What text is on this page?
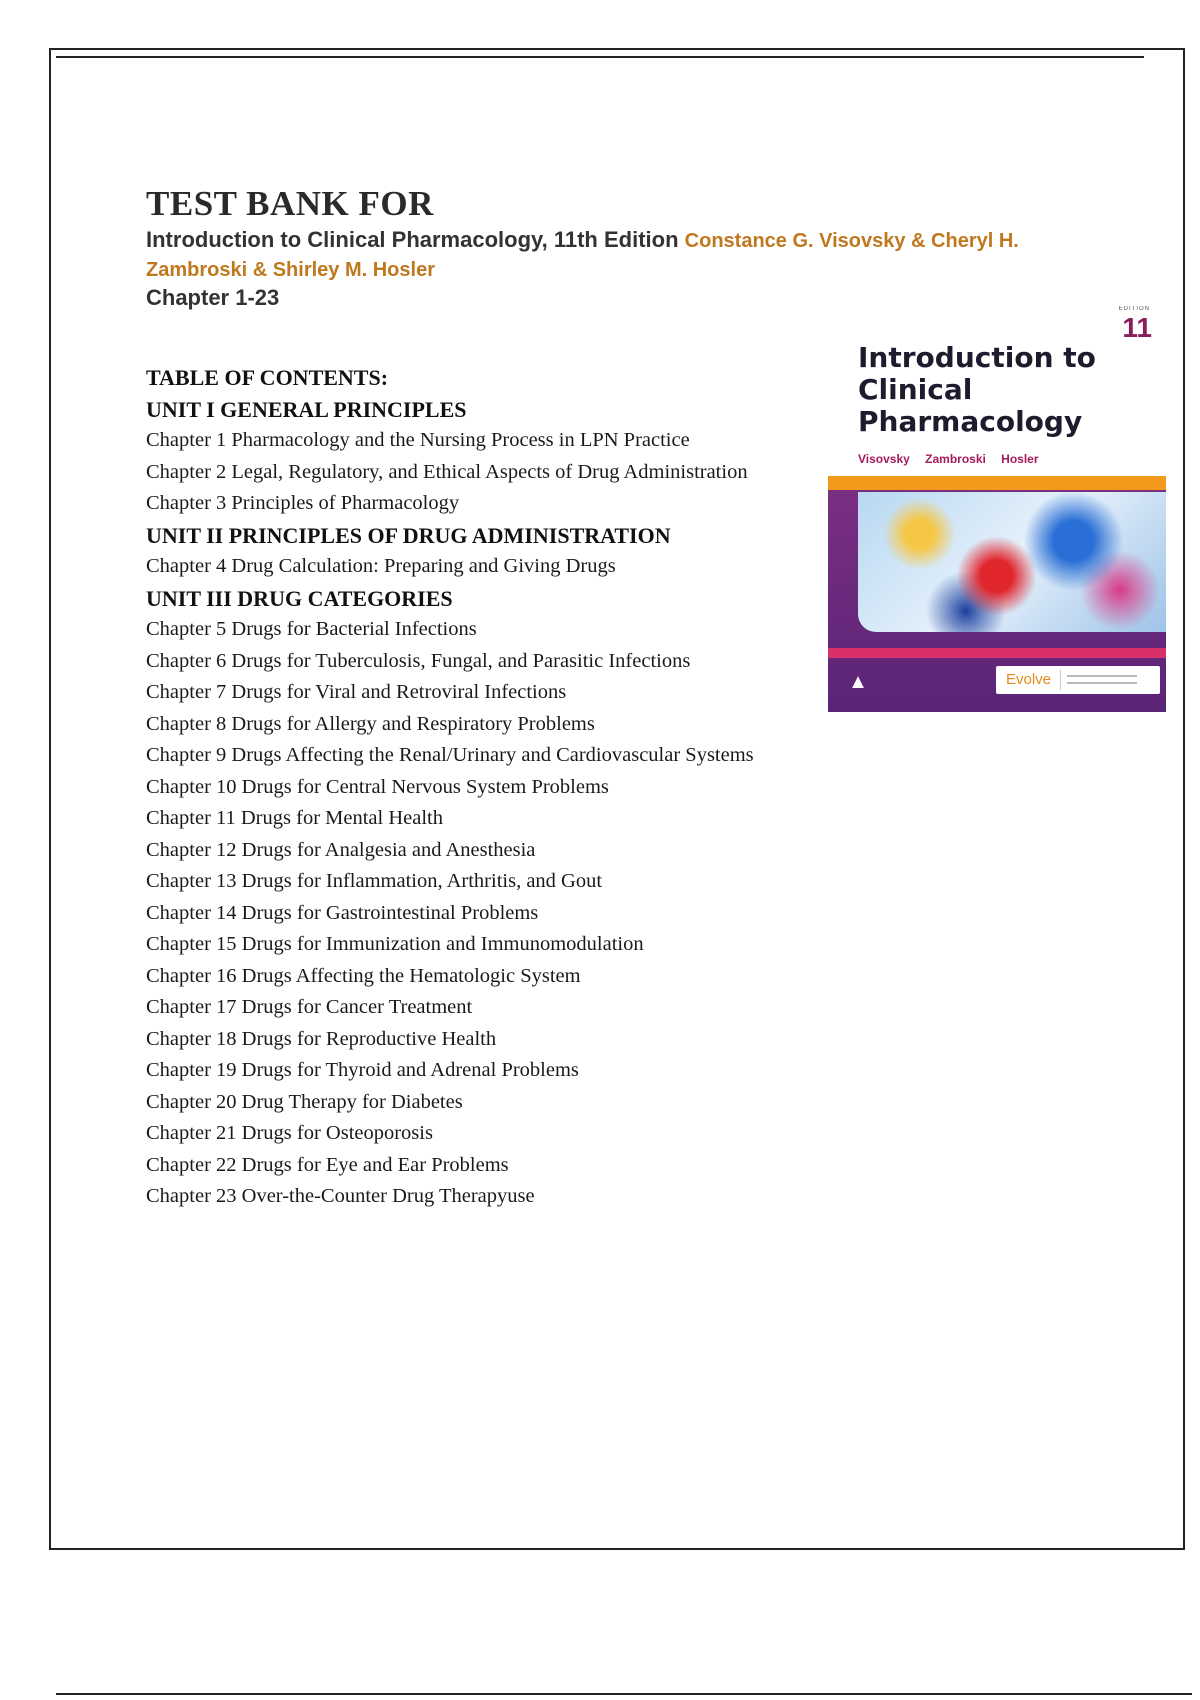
TEST BANK FOR
Introduction to Clinical Pharmacology, 11th Edition Constance G. Visovsky & Cheryl H. Zambroski & Shirley M. Hosler
Chapter 1-23
TABLE OF CONTENTS:
UNIT I GENERAL PRINCIPLES
Chapter 1 Pharmacology and the Nursing Process in LPN Practice
Chapter 2 Legal, Regulatory, and Ethical Aspects of Drug Administration
Chapter 3 Principles of Pharmacology
UNIT II PRINCIPLES OF DRUG ADMINISTRATION
Chapter 4 Drug Calculation: Preparing and Giving Drugs
UNIT III DRUG CATEGORIES
Chapter 5 Drugs for Bacterial Infections
Chapter 6 Drugs for Tuberculosis, Fungal, and Parasitic Infections
Chapter 7 Drugs for Viral and Retroviral Infections
Chapter 8 Drugs for Allergy and Respiratory Problems
Chapter 9 Drugs Affecting the Renal/Urinary and Cardiovascular Systems
Chapter 10 Drugs for Central Nervous System Problems
Chapter 11 Drugs for Mental Health
Chapter 12 Drugs for Analgesia and Anesthesia
Chapter 13 Drugs for Inflammation, Arthritis, and Gout
Chapter 14 Drugs for Gastrointestinal Problems
Chapter 15 Drugs for Immunization and Immunomodulation
Chapter 16 Drugs Affecting the Hematologic System
Chapter 17 Drugs for Cancer Treatment
Chapter 18 Drugs for Reproductive Health
Chapter 19 Drugs for Thyroid and Adrenal Problems
Chapter 20 Drug Therapy for Diabetes
Chapter 21 Drugs for Osteoporosis
Chapter 22 Drugs for Eye and Ear Problems
Chapter 23 Over-the-Counter Drug Therapyuse
EDITION
11
Introduction to Clinical Pharmacology
Visovsky Zambroski Hosler
▲	Evolve
